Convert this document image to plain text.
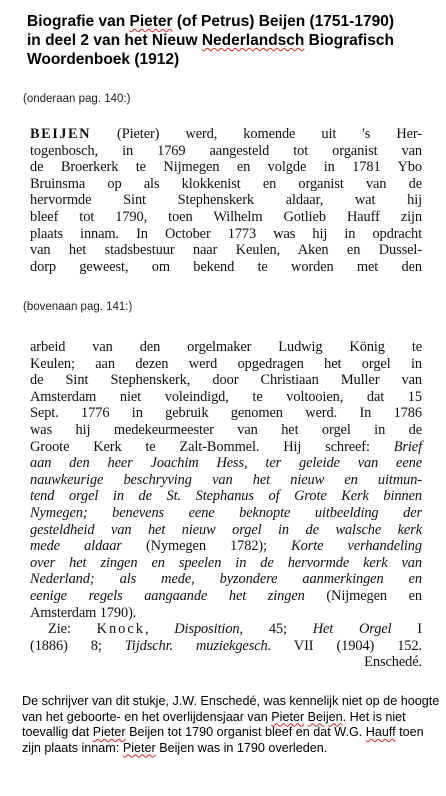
Biografie van Pieter (of Petrus) Beijen (1751-1790)
in deel 2 van het Nieuw Nederlandsch Biografisch
Woordenboek (1912)
(onderaan pag. 140:)
BEIJEN (Pieter) werd, komende uit 's Her-
togenbosch, in 1769 aangesteld tot organist van
de Broerkerk te Nijmegen en volgde in 1781 Ybo
Bruinsma op als klokkenist en organist van de
hervormde Sint Stephenskerk aldaar, wat hij
bleef tot 1790, toen Wilhelm Gotlieb Hauff zijn
plaats innam. In October 1773 was hij in opdracht
van het stadsbestuur naar Keulen, Aken en Dussel-
dorp geweest, om bekend te worden met den
(bovenaan pag. 141:)
arbeid van den orgelmaker Ludwig König te
Keulen; aan dezen werd opgedragen het orgel in
de Sint Stephenskerk, door Christiaan Muller van
Amsterdam niet voleindigd, te voltooien, dat 15
Sept. 1776 in gebruik genomen werd. In 1786
was hij medekeurmeester van het orgel in de
Groote Kerk te Zalt-Bommel. Hij schreef: Brief
aan den heer Joachim Hess, ter geleide van eene
nauwkeurige beschryving van het nieuw en uitmun-
tend orgel in de St. Stephanus of Grote Kerk binnen
Nymegen; benevens eene beknopte uitbeelding der
gesteldheid van het nieuw orgel in de walsche kerk
mede aldaar (Nymegen 1782); Korte verhandeling
over het zingen en speelen in de hervormde kerk van
Nederland; als mede, byzondere aanmerkingen en
eenige regels aangaande het zingen (Nijmegen en
Amsterdam 1790).
Zie: Knock, Disposition, 45; Het Orgel I
(1886) 8; Tijdschr. muziekgesch. VII (1904) 152.
Enschedé.
De schrijver van dit stukje, J.W. Enschedé, was kennelijk niet op de hoogte van het geboorte- en het overlijdensjaar van Pieter Beijen. Het is niet toevallig dat Pieter Beijen tot 1790 organist bleef en dat W.G. Hauff toen zijn plaats innam: Pieter Beijen was in 1790 overleden.
